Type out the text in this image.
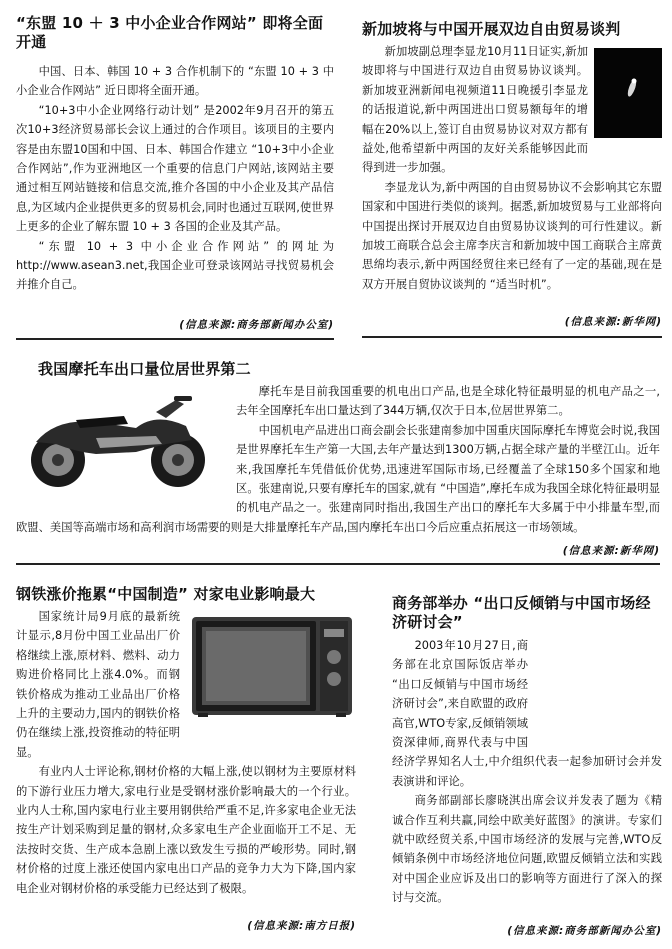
“东盟 10 ＋ 3 中小企业合作网站” 即将全面开通

中国、日本、韩国 10 + 3 合作机制下的 “东盟 10 + 3 中小企业合作网站” 近日即将全面开通。

“10+3中小企业网络行动计划” 是2002年9月召开的第五次10+3经济贸易部长会议上通过的合作项目。该项目的主要内容是由东盟10国和中国、日本、韩国合作建立 “10+3中小企业合作网站”,作为亚洲地区一个重要的信息门户网站,该网站主要通过相互网站链接和信息交流,推介各国的中小企业及其产品信息,为区域内企业提供更多的贸易机会,同时也通过互联网,使世界上更多的企业了解东盟 10 + 3 各国的企业及其产品。

“东盟 10 + 3 中小企业合作网站” 的网址为 http://www.asean3.net,我国企业可登录该网站寻找贸易机会并推介自己。

(信息来源:商务部新闻办公室)
新加坡将与中国开展双边自由贸易谈判

新加坡副总理李显龙10月11日证实,新加坡即将与中国进行双边自由贸易协议谈判。 新加坡亚洲新闻电视频道11日晚援引李显龙的话报道说,新中两国进出口贸易额每年的增幅在20%以上,签订自由贸易协议对双方都有益处,他希望新中两国的友好关系能够因此而得到进一步加强。

李显龙认为,新中两国的自由贸易协议不会影响其它东盟国家和中国进行类似的谈判。据悉,新加坡贸易与工业部将向中国提出探讨开展双边自由贸易协议谈判的可行性建议。新加坡工商联合总会主席李庆言和新加坡中国工商联合主席黄思绵均表示,新中两国经贸往来已经有了一定的基础,现在是双方开展自贸协议谈判的 “适当时机”。

(信息来源:新华网)
我国摩托车出口量位居世界第二

摩托车是目前我国重要的机电出口产品,也是全球化特征最明显的机电产品之一,去年全国摩托车出口量达到了344万辆,仅次于日本,位居世界第二。

中国机电产品进出口商会副会长张建南参加中国重庆国际摩托车博览会时说,我国是世界摩托车生产第一大国,去年产量达到1300万辆,占据全球产量的半壁江山。近年来,我国摩托车凭借低价优势,迅速进军国际市场,已经覆盖了全球150多个国家和地区。张建南说,只要有摩托车的国家,就有 “中国造”,摩托车成为我国全球化特征最明显的机电产品之一。张建南同时指出,我国生产出口的摩托车大多属于中小排量车型,而欧盟、美国等高端市场和高利润市场需要的则是大排量摩托车产品,国内摩托车出口今后应重点拓展这一市场领域。

(信息来源:新华网)
钢铁涨价拖累“中国制造” 对家电业影响最大

国家统计局9月底的最新统计显示,8月份中国工业品出厂价格继续上涨,原材料、燃料、动力购进价格同比上涨4.0%。而钢铁价格成为推动工业品出厂价格上升的主要动力,国内的钢铁价格仍在继续上涨,投资推动的特征明显。

有业内人士评论称,钢材价格的大幅上涨,使以钢材为主要原材料的下游行业压力增大,家电行业是受钢材涨价影响最大的一个行业。业内人士称,国内家电行业主要用钢供给严重不足,许多家电企业无法按生产计划采购到足量的钢材,众多家电生产企业面临开工不足、无法按时交货、生产成本急剧上涨以致发生亏损的严峻形势。同时,钢材价格的过度上涨还使国内家电出口产品的竞争力大为下降,国内家电企业对钢材价格的承受能力已经达到了极限。

(信息来源:南方日报)
商务部举办 “出口反倾销与中国市场经济研讨会”

2003年10月27日,商务部在北京国际饭店举办 “出口反倾销与中国市场经济研讨会”,来自欧盟的政府高官,WTO专家,反倾销领域资深律师,商界代表与中国经济学界知名人士,中介组织代表一起参加研讨会并发表演讲和评论。

商务部副部长廖晓淇出席会议并发表了题为《精诚合作互利共赢,同绘中欧美好蓝图》的演讲。专家们就中欧经贸关系,中国市场经济的发展与完善,WTO反倾销条例中市场经济地位问题,欧盟反倾销立法和实践对中国企业应诉及出口的影响等方面进行了深入的探讨与交流。

(信息来源:商务部新闻办公室)
